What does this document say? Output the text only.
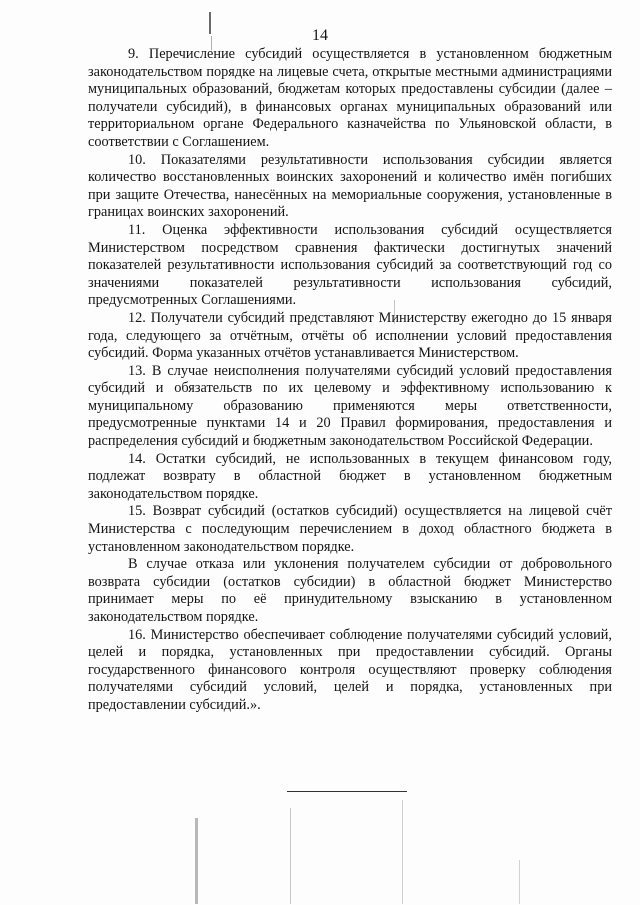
14

9. Перечисление субсидий осуществляется в установленном бюджетным законодательством порядке на лицевые счета, открытые местными администрациями муниципальных образований, бюджетам которых предоставлены субсидии (далее – получатели субсидий), в финансовых органах муниципальных образований или территориальном органе Федерального казначейства по Ульяновской области, в соответствии с Соглашением.

10. Показателями результативности использования субсидии является количество восстановленных воинских захоронений и количество имён погибших при защите Отечества, нанесённых на мемориальные сооружения, установленные в границах воинских захоронений.

11. Оценка эффективности использования субсидий осуществляется Министерством посредством сравнения фактически достигнутых значений показателей результативности использования субсидий за соответствующий год со значениями показателей результативности использования субсидий, предусмотренных Соглашениями.

12. Получатели субсидий представляют Министерству ежегодно до 15 января года, следующего за отчётным, отчёты об исполнении условий предоставления субсидий. Форма указанных отчётов устанавливается Министерством.

13. В случае неисполнения получателями субсидий условий предоставления субсидий и обязательств по их целевому и эффективному использованию к муниципальному образованию применяются меры ответственности, предусмотренные пунктами 14 и 20 Правил формирования, предоставления и распределения субсидий и бюджетным законодательством Российской Федерации.

14. Остатки субсидий, не использованных в текущем финансовом году, подлежат возврату в областной бюджет в установленном бюджетным законодательством порядке.

15. Возврат субсидий (остатков субсидий) осуществляется на лицевой счёт Министерства с последующим перечислением в доход областного бюджета в установленном законодательством порядке.

В случае отказа или уклонения получателем субсидии от добровольного возврата субсидии (остатков субсидии) в областной бюджет Министерство принимает меры по её принудительному взысканию в установленном законодательством порядке.

16. Министерство обеспечивает соблюдение получателями субсидий условий, целей и порядка, установленных при предоставлении субсидий. Органы государственного финансового контроля осуществляют проверку соблюдения получателями субсидий условий, целей и порядка, установленных при предоставлении субсидий.».
